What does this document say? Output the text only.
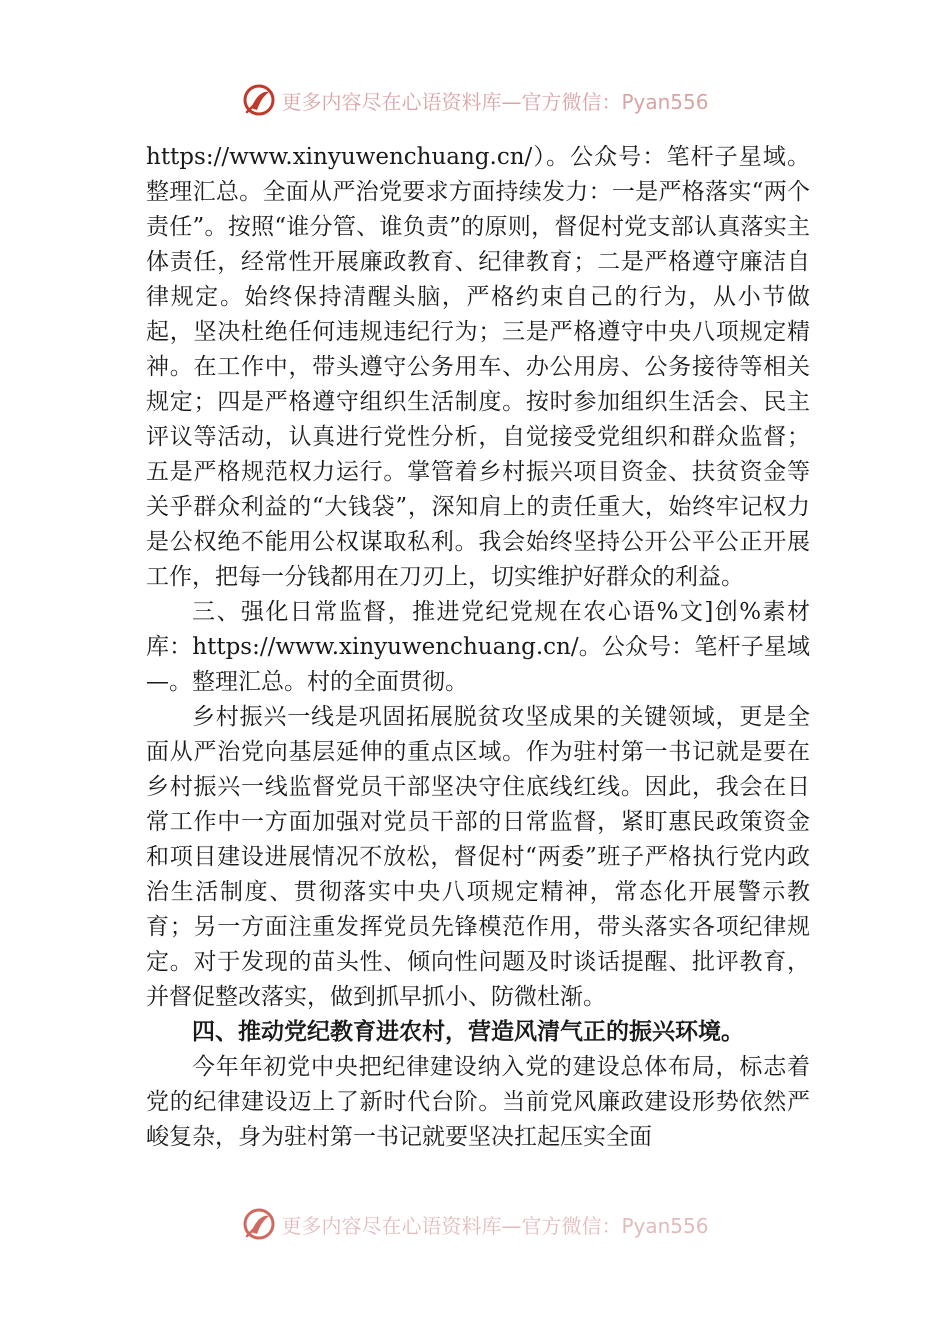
更多内容尽在心语资料库—官方微信：Pyan556

https://www.xinyuwenchuang.cn/）。公众号：笔杆子星域。整理汇总。全面从严治党要求方面持续发力：一是严格落实“两个责任”。按照“谁分管、谁负责”的原则，督促村党支部认真落实主体责任，经常性开展廉政教育、纪律教育；二是严格遵守廉洁自律规定。始终保持清醒头脑，严格约束自己的行为，从小节做起，坚决杜绝任何违规违纪行为；三是严格遵守中央八项规定精神。在工作中，带头遵守公务用车、办公用房、公务接待等相关规定；四是严格遵守组织生活制度。按时参加组织生活会、民主评议等活动，认真进行党性分析，自觉接受党组织和群众监督；五是严格规范权力运行。掌管着乡村振兴项目资金、扶贫资金等关乎群众利益的“大钱袋”，深知肩上的责任重大，始终牢记权力是公权绝不能用公权谋取私利。我会始终坚持公开公平公正开展工作，把每一分钱都用在刀刃上，切实维护好群众的利益。

三、强化日常监督，推进党纪党规在农心语%文]创%素材库：https://www.xinyuwenchuang.cn/。公众号：笔杆子星域—。整理汇总。村的全面贯彻。

乡村振兴一线是巩固拓展脱贫攻坚成果的关键领域，更是全面从严治党向基层延伸的重点区域。作为驻村第一书记就是要在乡村振兴一线监督党员干部坚决守住底线红线。因此，我会在日常工作中一方面加强对党员干部的日常监督，紧盯惠民政策资金和项目建设进展情况不放松，督促村“两委”班子严格执行党内政治生活制度、贯彻落实中央八项规定精神，常态化开展警示教育；另一方面注重发挥党员先锋模范作用，带头落实各项纪律规定。对于发现的苗头性、倾向性问题及时谈话提醒、批评教育，并督促整改落实，做到抓早抓小、防微杜渐。

四、推动党纪教育进农村，营造风清气正的振兴环境。

今年年初党中央把纪律建设纳入党的建设总体布局，标志着党的纪律建设迈上了新时代台阶。当前党风廉政建设形势依然严峻复杂，身为驻村第一书记就要坚决扛起压实全面

更多内容尽在心语资料库—官方微信：Pyan556
